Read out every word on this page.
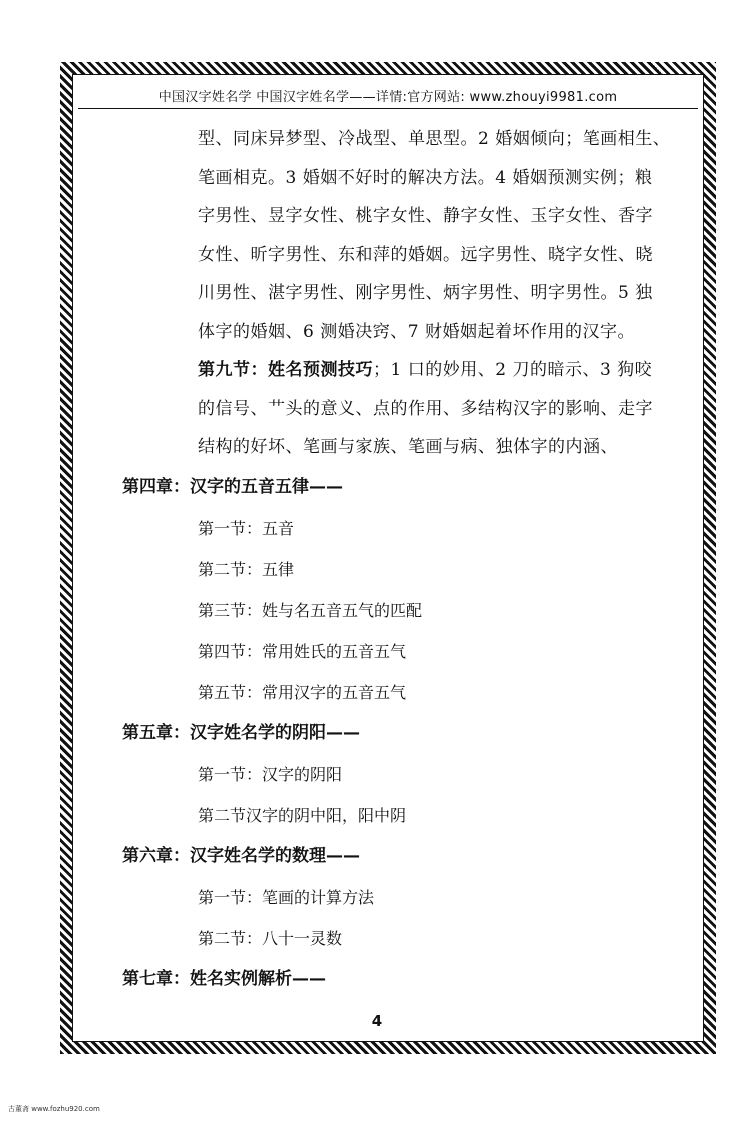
中国汉字姓名学 中国汉字姓名学——详情:官方网站: www.zhouyi9981.com

型、同床异梦型、冷战型、单思型。2 婚姻倾向；笔画相生、
笔画相克。3 婚姻不好时的解决方法。4 婚姻预测实例；粮
字男性、昱字女性、桃字女性、静字女性、玉字女性、香字
女性、昕字男性、东和萍的婚姻。远字男性、晓字女性、晓
川男性、湛字男性、刚字男性、炳字男性、明字男性。5 独
体字的婚姻、6 测婚决窍、7 财婚姻起着坏作用的汉字。

第九节：姓名预测技巧；1 口的妙用、2 刀的暗示、3 狗咬
的信号、艹头的意义、点的作用、多结构汉字的影响、走字
结构的好坏、笔画与家族、笔画与病、独体字的内涵、

第四章：汉字的五音五律——

第一节：五音

第二节：五律

第三节：姓与名五音五气的匹配

第四节：常用姓氏的五音五气

第五节：常用汉字的五音五气

第五章：汉字姓名学的阴阳——

第一节：汉字的阴阳

第二节汉字的阴中阳，阳中阴

第六章：汉字姓名学的数理——

第一节：笔画的计算方法

第二节：八十一灵数

第七章：姓名实例解析——

4
古董斋 www.fozhu920.com
